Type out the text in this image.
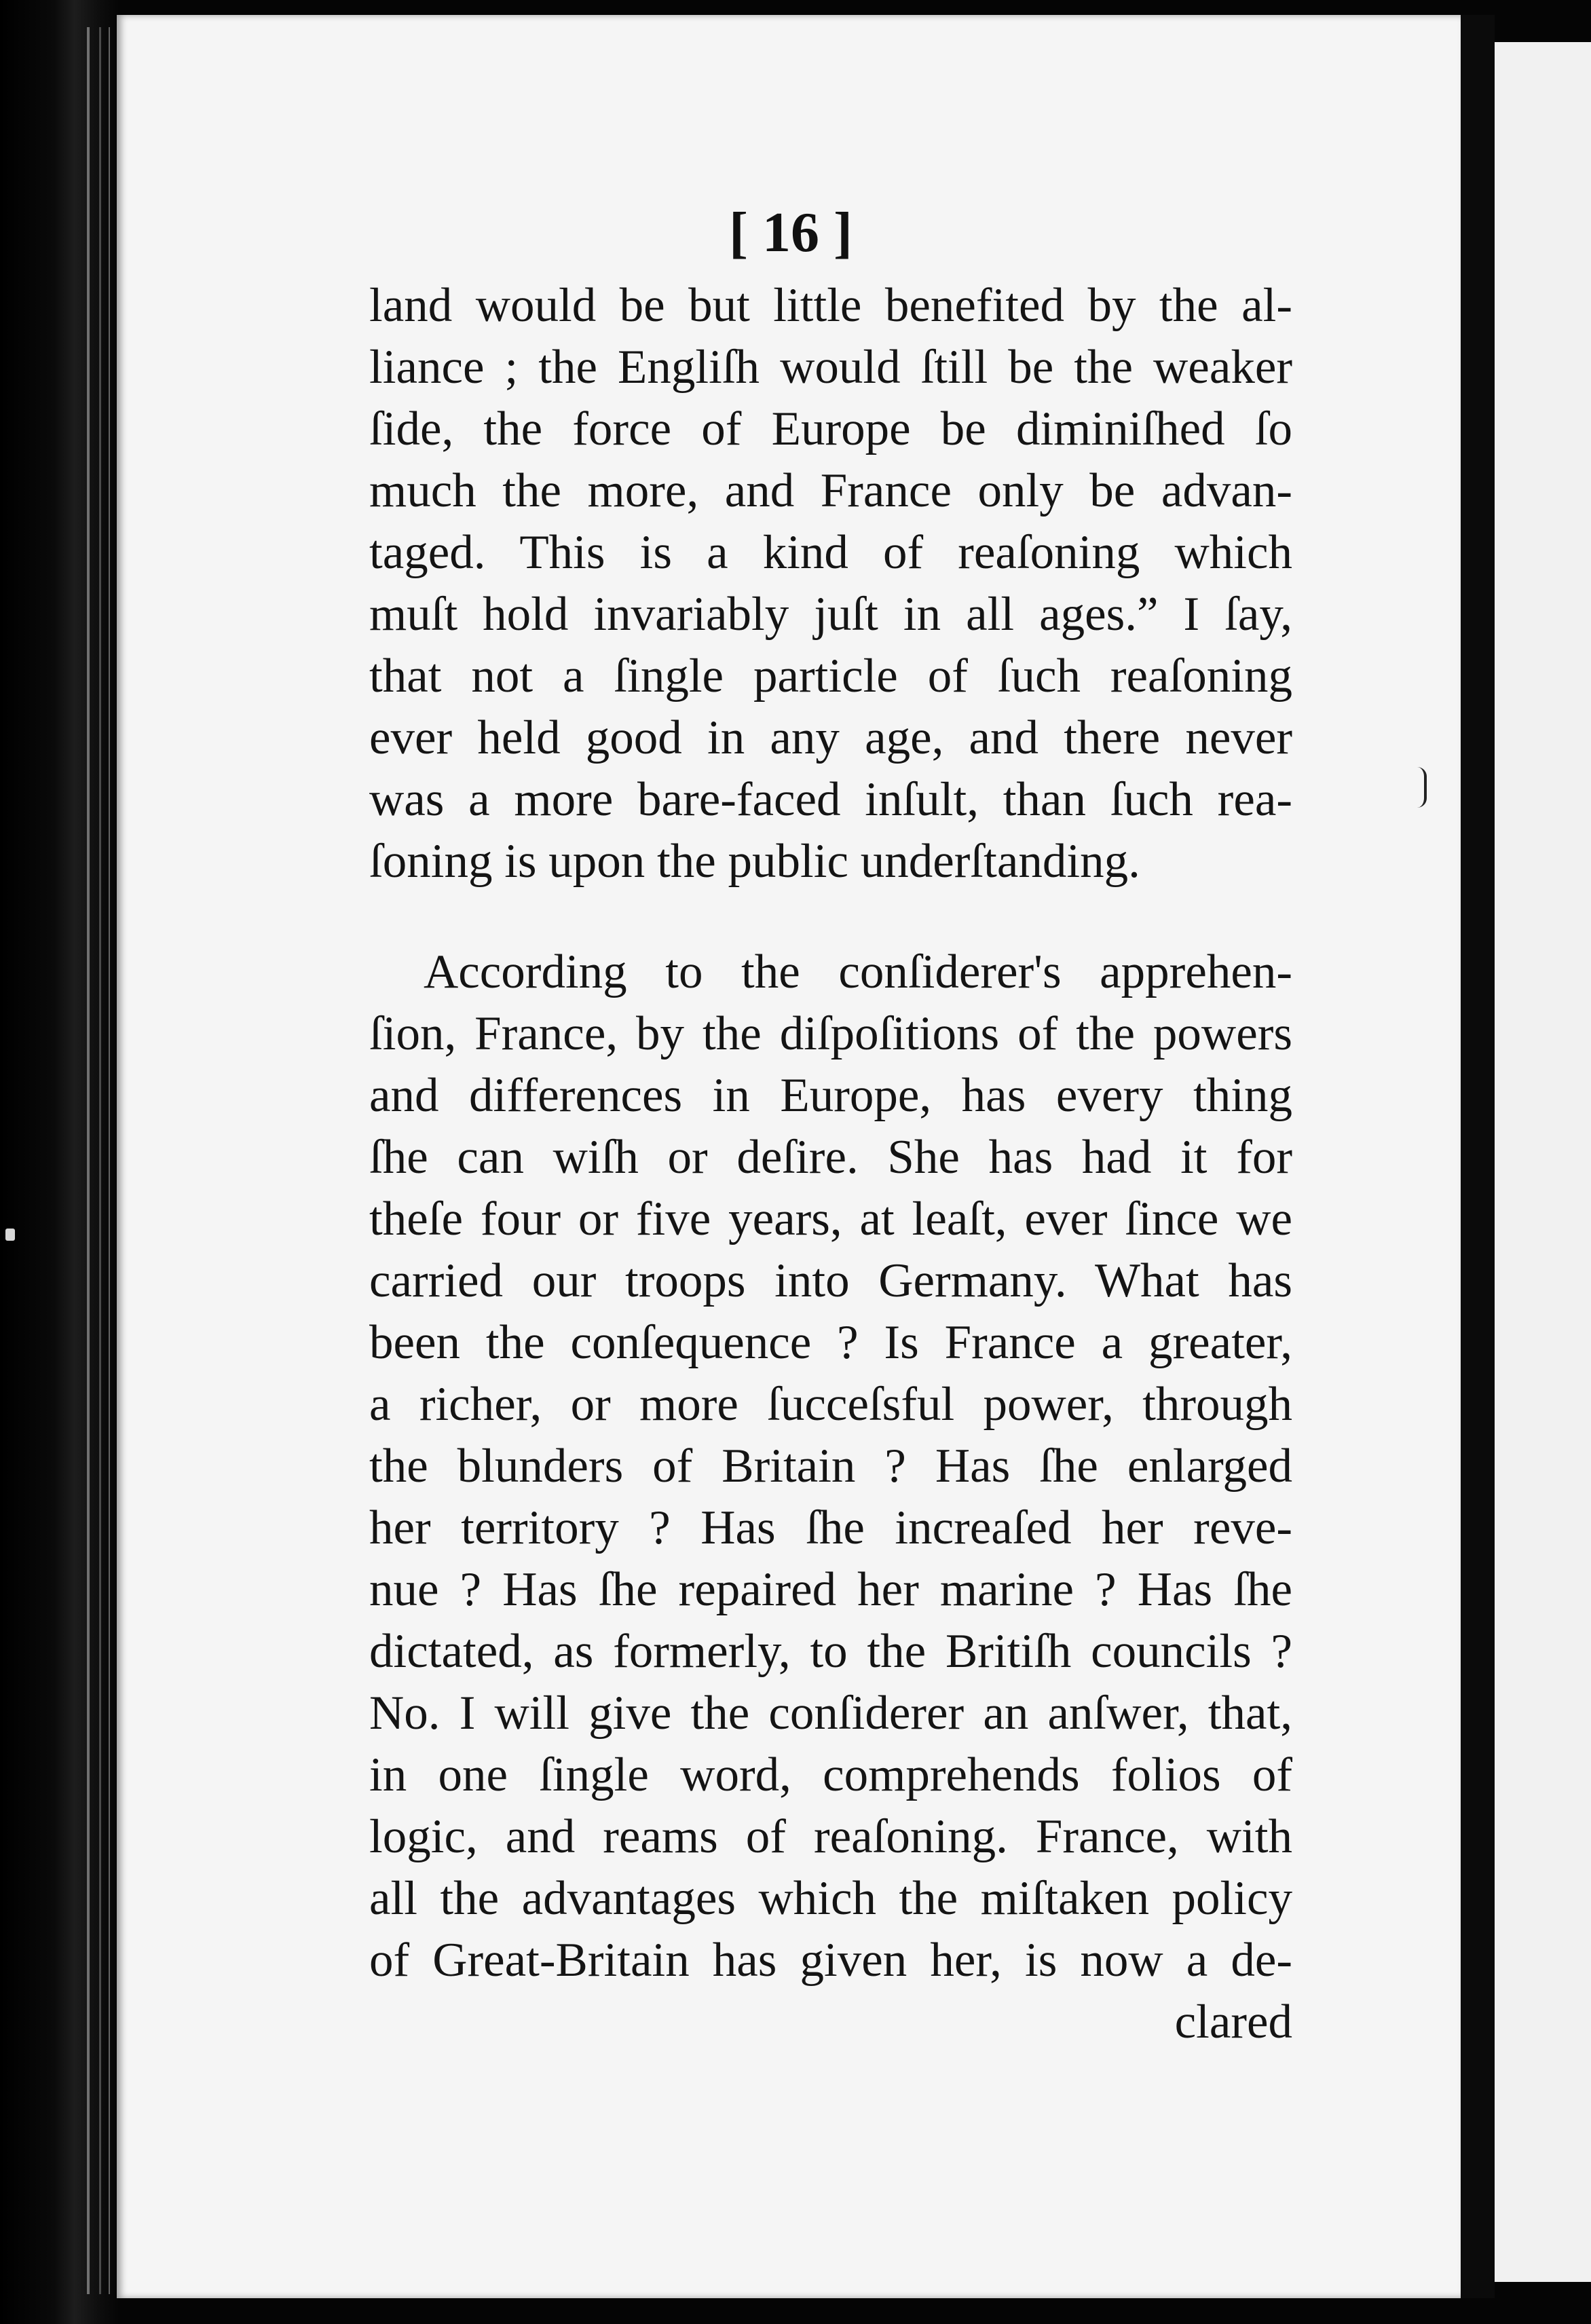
[ 16 ]
land would be but little benefited by the al-
liance ; the Engliſh would ſtill be the weaker
ſide, the force of Europe be diminiſhed ſo
much the more, and France only be advan-
taged. This is a kind of reaſoning which
muſt hold invariably juſt in all ages.” I ſay,
that not a ſingle particle of ſuch reaſoning
ever held good in any age, and there never
was a more bare-faced inſult, than ſuch rea-
ſoning is upon the public underſtanding.
According to the conſiderer's apprehen-
ſion, France, by the diſpoſitions of the powers
and differences in Europe, has every thing
ſhe can wiſh or deſire. She has had it for
theſe four or five years, at leaſt, ever ſince we
carried our troops into Germany. What has
been the conſequence ? Is France a greater,
a richer, or more ſucceſsful power, through
the blunders of Britain ? Has ſhe enlarged
her territory ? Has ſhe increaſed her reve-
nue ? Has ſhe repaired her marine ? Has ſhe
dictated, as formerly, to the Britiſh councils ?
No. I will give the conſiderer an anſwer, that,
in one ſingle word, comprehends folios of
logic, and reams of reaſoning. France, with
all the advantages which the miſtaken policy
of Great-Britain has given her, is now a de-
clared
